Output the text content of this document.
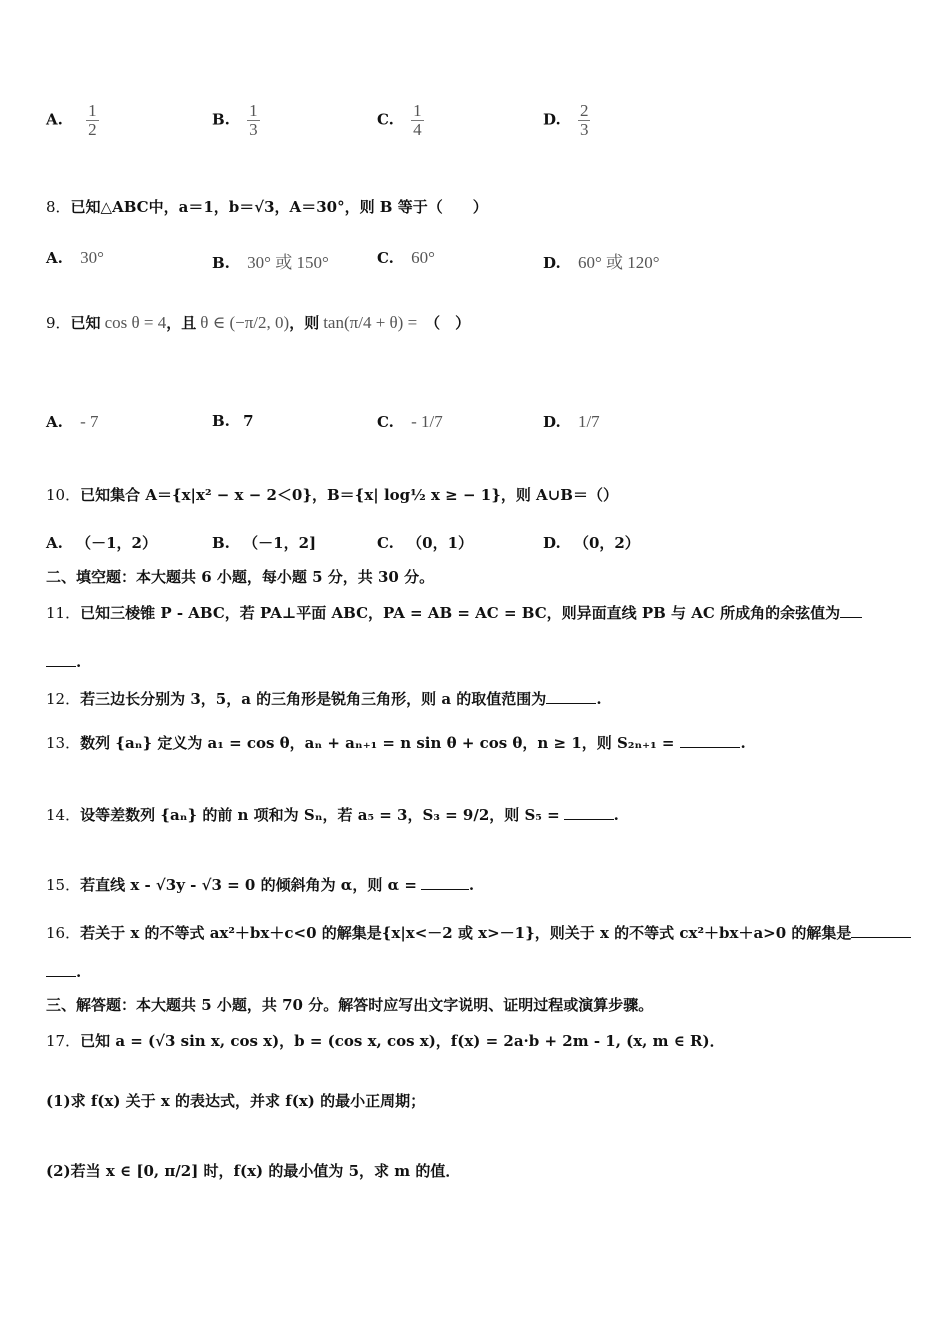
A. $\frac{1}{2}$	B. $\frac{1}{3}$	C. $\frac{1}{4}$	D. $\frac{2}{3}$
8．已知△ABC中，a＝1，b＝√3，A＝30°，则 B 等于（　　）
A. 30°	B. 30° 或 150°	C. 60°	D. 60° 或 120°
9．已知 cos θ = 4，且 θ ∈ (−π/2, 0)，则 tan(π/4 + θ) = （　）
A. - 7	B. 7	C. - 1/7	D. 1/7
10．已知集合 A＝{x|x² − x − 2＜0}，B＝{x| log½ x ≥ − 1}，则 A∪B＝（）
A. （－1，2）	B. （－1，2]	C. （0，1）	D. （0，2）
二、填空题：本大题共 6 小题，每小题 5 分，共 30 分。
11．已知三棱锥 P - ABC，若 PA⊥平面 ABC，PA = AB = AC = BC，则异面直线 PB 与 AC 所成角的余弦值为
.
12．若三边长分别为 3，5，a 的三角形是锐角三角形，则 a 的取值范围为	.
13．数列 {aₙ} 定义为 a₁ = cos θ，aₙ + aₙ₊₁ = n sin θ + cos θ，n ≥ 1，则 S₂ₙ₊₁ =	.
14．设等差数列 {aₙ} 的前 n 项和为 Sₙ，若 a₅ = 3，S₃ = 9/2，则 S₅ =	.
15．若直线 x - √3y - √3 = 0 的倾斜角为 α，则 α =	.
16．若关于 x 的不等式 ax²＋bx＋c<0 的解集是{x|x<－2 或 x>－1}，则关于 x 的不等式 cx²＋bx＋a>0 的解集是
.
三、解答题：本大题共 5 小题，共 70 分。解答时应写出文字说明、证明过程或演算步骤。
17．已知 a = (√3 sin x, cos x)，b = (cos x, cos x)，f(x) = 2a·b + 2m - 1, (x, m ∈ R)．
(1)求 f(x) 关于 x 的表达式，并求 f(x) 的最小正周期；
(2)若当 x ∈ [0, π/2] 时，f(x) 的最小值为 5，求 m 的值．
